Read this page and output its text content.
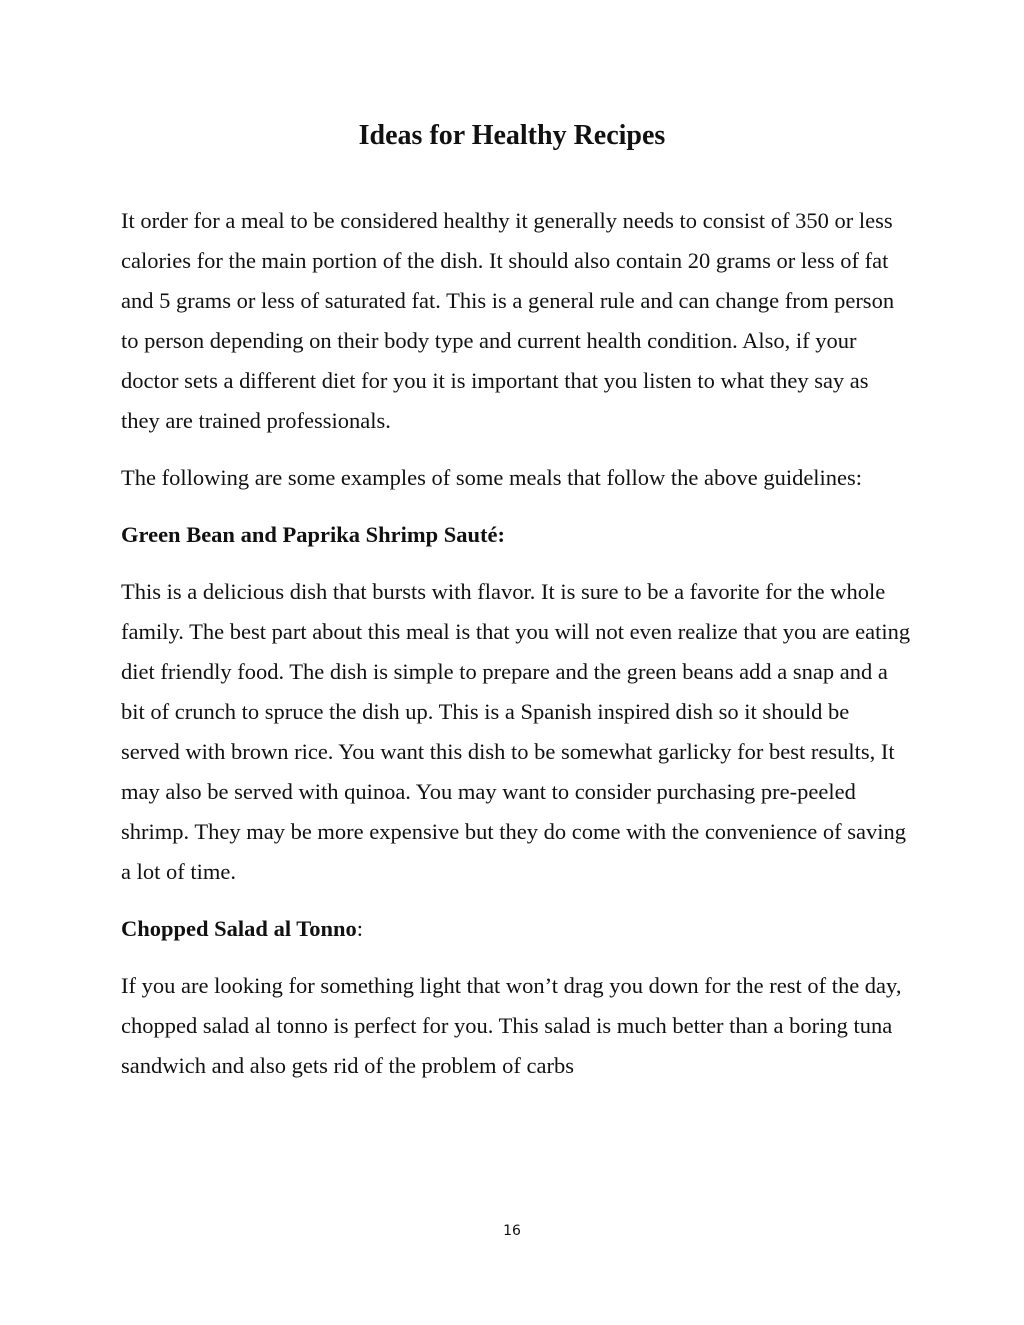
Ideas for Healthy Recipes

It order for a meal to be considered healthy it generally needs to consist of 350 or less calories for the main portion of the dish. It should also contain 20 grams or less of fat and 5 grams or less of saturated fat. This is a general rule and can change from person to person depending on their body type and current health condition. Also, if your doctor sets a different diet for you it is important that you listen to what they say as they are trained professionals.

The following are some examples of some meals that follow the above guidelines:

Green Bean and Paprika Shrimp Sauté:

This is a delicious dish that bursts with flavor. It is sure to be a favorite for the whole family. The best part about this meal is that you will not even realize that you are eating diet friendly food. The dish is simple to prepare and the green beans add a snap and a bit of crunch to spruce the dish up. This is a Spanish inspired dish so it should be served with brown rice. You want this dish to be somewhat garlicky for best results, It may also be served with quinoa. You may want to consider purchasing pre-peeled shrimp. They may be more expensive but they do come with the convenience of saving a lot of time.

Chopped Salad al Tonno:

If you are looking for something light that won’t drag you down for the rest of the day, chopped salad al tonno is perfect for you. This salad is much better than a boring tuna sandwich and also gets rid of the problem of carbs

16
